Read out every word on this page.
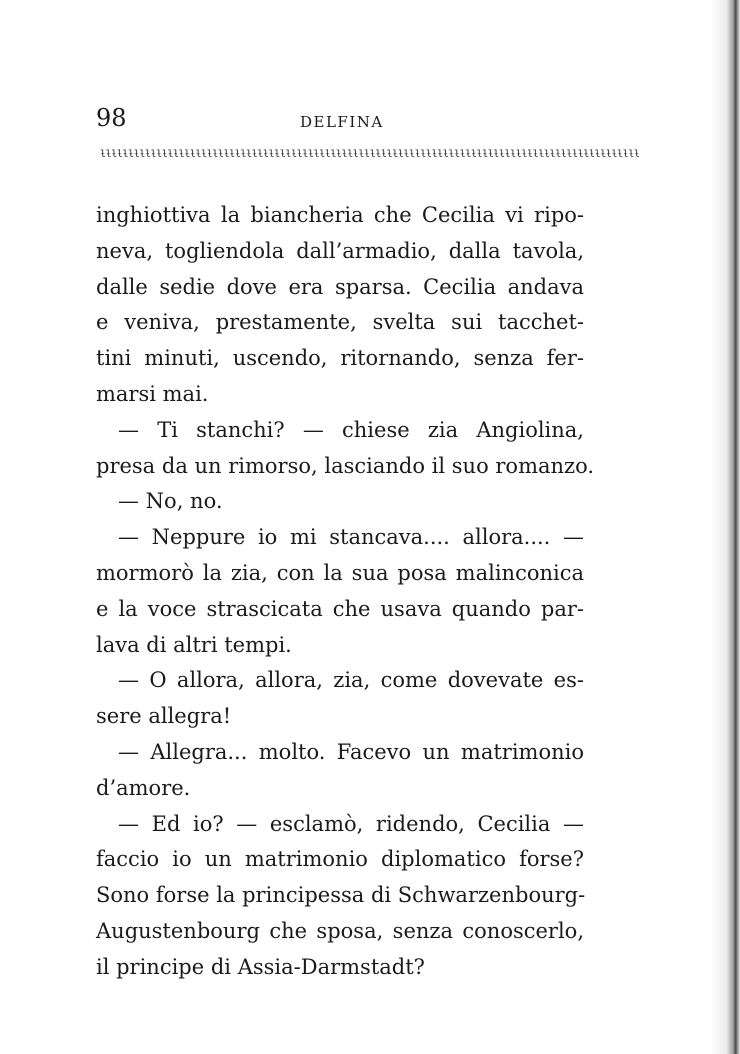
98	DELFINA
ƚƚƚƚƚƚƚƚƚƚƚƚƚƚƚƚƚƚƚƚƚƚƚƚƚƚƚƚƚƚƚƚƚƚƚƚƚƚƚƚƚƚƚƚƚƚƚƚƚƚƚƚƚƚƚƚƚƚƚƚƚƚƚƚƚƚƚƚƚƚƚƚƚƚƚƚƚƚƚƚƚƚƚƚƚƚƚƚƚƚƚƚƚƚƚƚ
inghiottiva la biancheria che Cecilia vi ripo-
neva, togliendola dall’armadio, dalla tavola,
dalle sedie dove era sparsa. Cecilia andava
e veniva, prestamente, svelta sui tacchet-
tini minuti, uscendo, ritornando, senza fer-
marsi mai.
— Ti stanchi? — chiese zia Angiolina,
presa da un rimorso, lasciando il suo romanzo.
— No, no.
— Neppure io mi stancava.... allora.... —
mormorò la zia, con la sua posa malinconica
e la voce strascicata che usava quando par-
lava di altri tempi.
— O allora, allora, zia, come dovevate es-
sere allegra!
— Allegra... molto. Facevo un matrimonio
d’amore.
— Ed io? — esclamò, ridendo, Cecilia —
faccio io un matrimonio diplomatico forse?
Sono forse la principessa di Schwarzenbourg-
Augustenbourg che sposa, senza conoscerlo,
il principe di Assia-Darmstadt?
